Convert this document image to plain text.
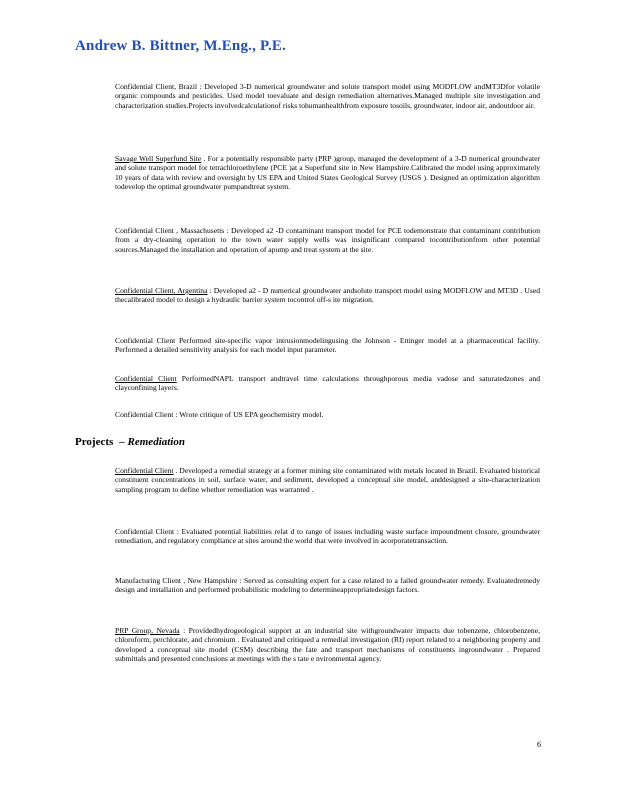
Andrew B. Bittner, M.Eng., P.E.

Confidential Client, Brazil : Developed 3-D numerical groundwater and solute transport model using MODFLOW andMT3Dfor volatile organic compounds and pesticides. Used model toevaluate and design remediation alternatives.Managed multiple site investigation and characterization studies.Projects involvedcalculationof risks tohumanhealthfrom exposure tosoils, groundwater, indoor air, andoutdoor air.

Savage Well Superfund Site . For a potentially responsible party (PRP )group, managed the development of a 3-D numerical groundwater and solute transport model for tetrachloroethylene (PCE )at a Superfund site in New Hampshire.Calibrated the model using approximately 10 years of data with review and oversight by US EPA and United States Geological Survey (USGS ). Designed an optimization algorithm todevelop the optimal groundwater pumpandtreat system.

Confidential Client , Massachusetts : Developed a2 -D contaminant transport model for PCE todemonstrate that contaminant contribution from a dry-cleaning operation to the town water supply wells was insignificant compared tocontributionfrom other potential sources.Managed the installation and operation of apump and treat system at the site.

Confidential Client, Argentina : Developed a2 - D numerical groundwater andsolute transport model using MODFLOW and MT3D . Used thecalibrated model to design a hydraulic barrier system tocontrol off-s ite migration.

Confidential Client Performed site-specific vapor intrusionmodelingusing the Johnson - Ettinger model at a pharmaceutical facility. Performed a detailed sensitivity analysis for each model input parameter.

Confidential Client PerformedNAPL transport andtravel time calculations throughporous media vadose and saturatedzones and clayconfining layers.

Confidential Client : Wrote critique of US EPA geochemistry model.

Projects – Remediation

Confidential Client . Developed a remedial strategy at a former mining site contaminated with metals located in Brazil. Evaluated historical constituent concentrations in soil, surface water, and sediment, developed a conceptual site model, anddesigned a site-characterization sampling program to define whether remediation was warranted .

Confidential Client : Evaluated potential liabilities relat d to range of issues including waste surface impoundment closure, groundwater remediation, and regulatory compliance at sites around the world that were involved in acorporatetransaction.

Manufacturing Client , New Hampshire : Served as consulting expert for a case related to a failed groundwater remedy. Evaluatedremedy design and installation and performed probabilistic modeling to determineappropriatedesign factors.

PRP Group, Nevada : Providedhydrogeological support at an industrial site withgroundwater impacts due tobenzene, chlorobenzene, chloroform, perchlorate, and chromium . Evaluated and critiqued a remedial investigation (RI) report related to a neighboring property and developed a conceptual site model (CSM) describing the fate and transport mechanisms of constituents ingroundwater . Prepared submittals and presented conclusions at meetings with the s tate e nvironmental agency.

6
